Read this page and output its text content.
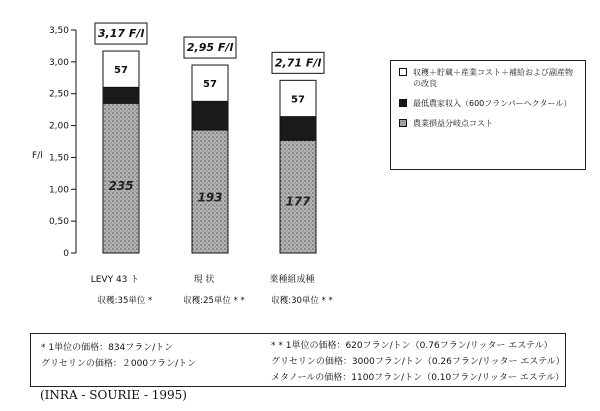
0
0,50
1,00
1,50
2,00
2,50
3,00
3,50
235
57
3,17 F/l
LEVY 43 ト
収穫:35単位 *
193
57
2,95 F/l
現 状
収穫:25単位 * *
177
57
2,71 F/l
業種組成種
収穫:30単位 * *
F/l
収穫＋貯蔵＋産業コスト＋補給および副産物の改良
最低農家収入（600フランパーヘクタール）
農業損益分岐点コスト
* 1単位の価格：834フラン/トン
グリセリンの価格：２000フラン/トン
* * 1単位の価格：620フラン/トン（0.76フラン/リッター エステル）
グリセリンの価格：3000フラン/トン（0.26フラン/リッター エステル）
メタノールの価格：1100フラン/トン（0.10フラン/リッター エステル）
(INRA - SOURIE - 1995)
